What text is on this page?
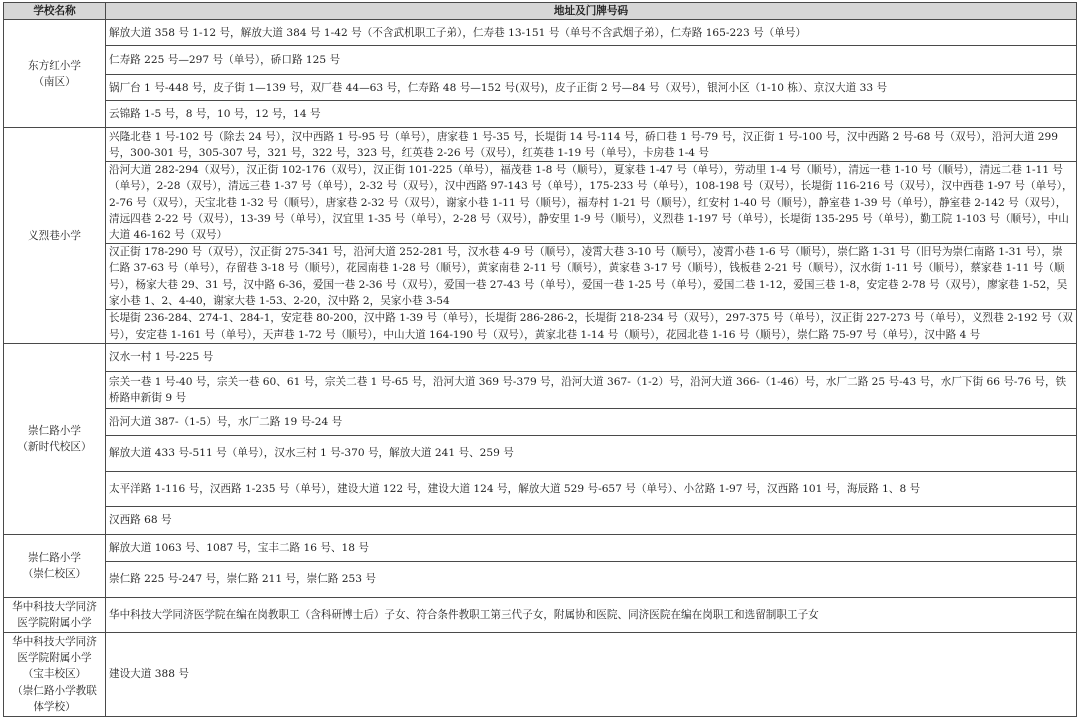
学校名称	地址及门牌号码

东方红小学
（南区）	解放大道 358 号 1-12 号，解放大道 384 号 1-42 号（不含武机职工子弟），仁寿巷 13-151 号（单号不含武烟子弟），仁寿路 165-223 号（单号）
	仁寿路 225 号—297 号（单号），硚口路 125 号
	锅厂台 1 号-448 号，皮子街 1—139 号，双厂巷 44—63 号，仁寿路 48 号—152 号(双号)，皮子正街 2 号—84 号（双号），银河小区（1-10 栋）、京汉大道 33 号
	云锦路 1-5 号，8 号，10 号，12 号，14 号

义烈巷小学	兴隆北巷 1 号-102 号（除去 24 号），汉中西路 1 号-95 号（单号），唐家巷 1 号-35 号，长堤街 14 号-114 号，硚口巷 1 号-79 号，汉正街 1 号-100 号，汉中西路 2 号-68 号（双号），沿河大道 299 号，300-301 号，305-307 号，321 号，322 号，323 号，红英巷 2-26 号（双号），红英巷 1-19 号（单号），卡房巷 1-4 号
	沿河大道 282-294（双号），汉正街 102-176（双号），汉正街 101-225（单号），福茂巷 1-8 号（顺号），夏家巷 1-47 号（单号），劳动里 1-4 号（顺号），清远一巷 1-10 号（顺号），清远二巷 1-11 号（单号），2-28（双号），清远三巷 1-37 号（单号），2-32 号（双号），汉中西路 97-143 号（单号），175-233 号（单号），108-198 号（双号），长堤街 116-216 号（双号），汉中西巷 1-97 号（单号），2-76 号（双号），天宝北巷 1-32 号（顺号），唐家巷 2-32 号（双号），谢家小巷 1-11 号（顺号），福寿村 1-21 号（顺号），红安村 1-40 号（顺号），静室巷 1-39 号（单号），静室巷 2-142 号（双号），清远四巷 2-22 号（双号），13-39 号（单号），汉宜里 1-35 号（单号），2-28 号（双号），静安里 1-9 号（顺号），义烈巷 1-197 号（单号），长堤街 135-295 号（单号），勤工院 1-103 号（顺号），中山大道 46-162 号（双号）
	汉正街 178-290 号（双号），汉正街 275-341 号，沿河大道 252-281 号，汉水巷 4-9 号（顺号），凌霄大巷 3-10 号（顺号），凌霄小巷 1-6 号（顺号），崇仁路 1-31 号（旧号为崇仁南路 1-31 号），崇仁路 37-63 号（单号），存留巷 3-18 号（顺号），花园南巷 1-28 号（顺号），黄家南巷 2-11 号（顺号），黄家巷 3-17 号（顺号），钱板巷 2-21 号（顺号），汉水街 1-11 号（顺号），蔡家巷 1-11 号（顺号），杨家大巷 29、31 号，汉中路 6-36，爱国一巷 2-36 号（双号），爱国一巷 27-43 号（单号），爱国一巷 1-25 号（单号），爱国二巷 1-12，爱国三巷 1-8，安定巷 2-78 号（双号），廖家巷 1-52，吴家小巷 1、2、4-40，谢家大巷 1-53、2-20，汉中路 2，吴家小巷 3-54
	长堤街 236-284、274-1、284-1，安定巷 80-200，汉中路 1-39 号（单号），长堤街 286-286-2，长堤街 218-234 号（双号），297-375 号（单号），汉正街 227-273 号（单号），义烈巷 2-192 号（双号），安定巷 1-161 号（单号），天声巷 1-72 号（顺号），中山大道 164-190 号（双号），黄家北巷 1-14 号（顺号），花园北巷 1-16 号（顺号），崇仁路 75-97 号（单号），汉中路 4 号

崇仁路小学
（新时代校区）	汉水一村 1 号-225 号
	宗关一巷 1 号-40 号，宗关一巷 60、61 号，宗关二巷 1 号-65 号，沿河大道 369 号-379 号，沿河大道 367-（1-2）号，沿河大道 366-（1-46）号，水厂二路 25 号-43 号，水厂下街 66 号-76 号，铁桥路申新街 9 号
	沿河大道 387-（1-5）号，水厂二路 19 号-24 号
	解放大道 433 号-511 号（单号），汉水三村 1 号-370 号，解放大道 241 号、259 号
	太平洋路 1-116 号，汉西路 1-235 号（单号），建设大道 122 号，建设大道 124 号，解放大道 529 号-657 号（单号）、小岔路 1-97 号，汉西路 101 号，海辰路 1、8 号
	汉西路 68 号

崇仁路小学
（崇仁校区）	解放大道 1063 号、1087 号，宝丰二路 16 号、18 号
	崇仁路 225 号-247 号，崇仁路 211 号，崇仁路 253 号

华中科技大学同济
医学院附属小学	华中科技大学同济医学院在编在岗教职工（含科研博士后）子女、符合条件教职工第三代子女，附属协和医院、同济医院在编在岗职工和选留制职工子女

华中科技大学同济
医学院附属小学
（宝丰校区）
（崇仁路小学教联
体学校）	建设大道 388 号
